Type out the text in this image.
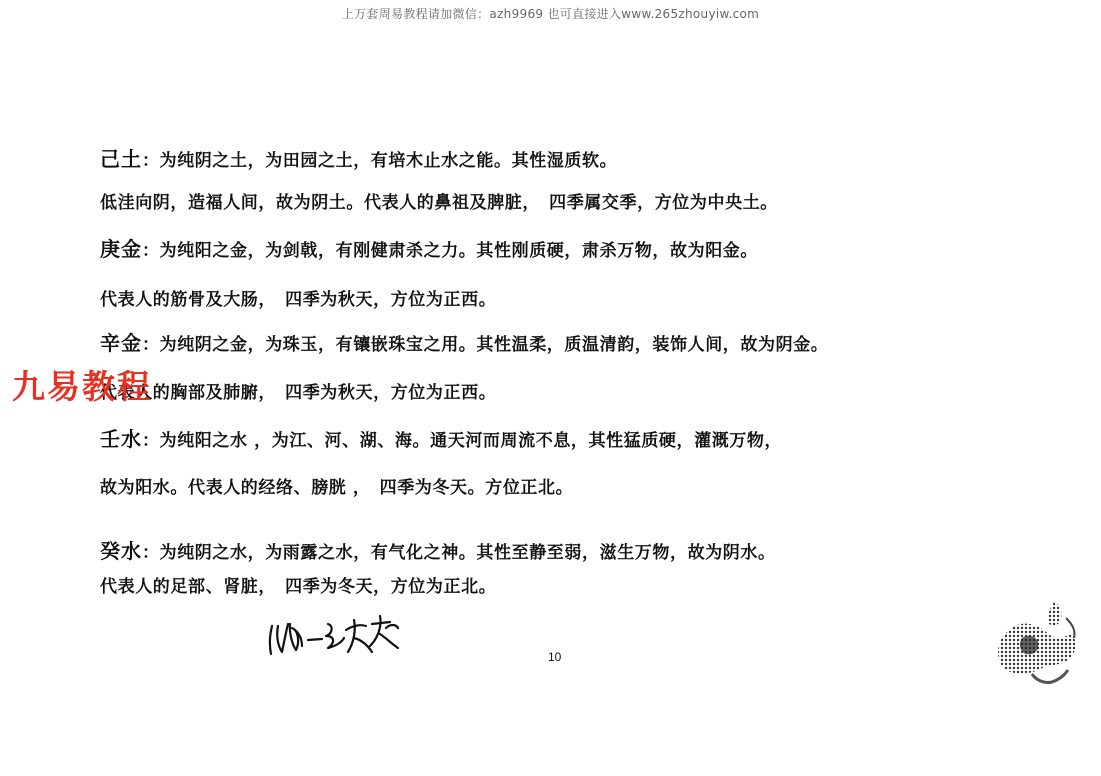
上万套周易教程请加微信：azh9969 也可直接进入www.265zhouyiw.com
己土：为纯阴之土，为田园之土，有培木止水之能。其性湿质软。
低洼向阴，造福人间，故为阴土。代表人的鼻祖及脾脏，　四季属交季，方位为中央土。
庚金：为纯阳之金，为剑戟，有刚健肃杀之力。其性刚质硬，肃杀万物，故为阳金。
代表人的筋骨及大肠，　四季为秋天，方位为正西。
辛金：为纯阴之金，为珠玉，有镶嵌珠宝之用。其性温柔，质温清韵，装饰人间，故为阴金。
代表人的胸部及肺腑，　四季为秋天，方位为正西。
壬水：为纯阳之水 ，为江、河、湖、海。通天河而周流不息，其性猛质硬，灌溉万物，
故为阳水。代表人的经络、膀胱 ，　四季为冬天。方位正北。
癸水：为纯阴之水，为雨露之水，有气化之神。其性至静至弱，滋生万物，故为阴水。
代表人的足部、肾脏，　四季为冬天，方位为正北。
九易教程
10
